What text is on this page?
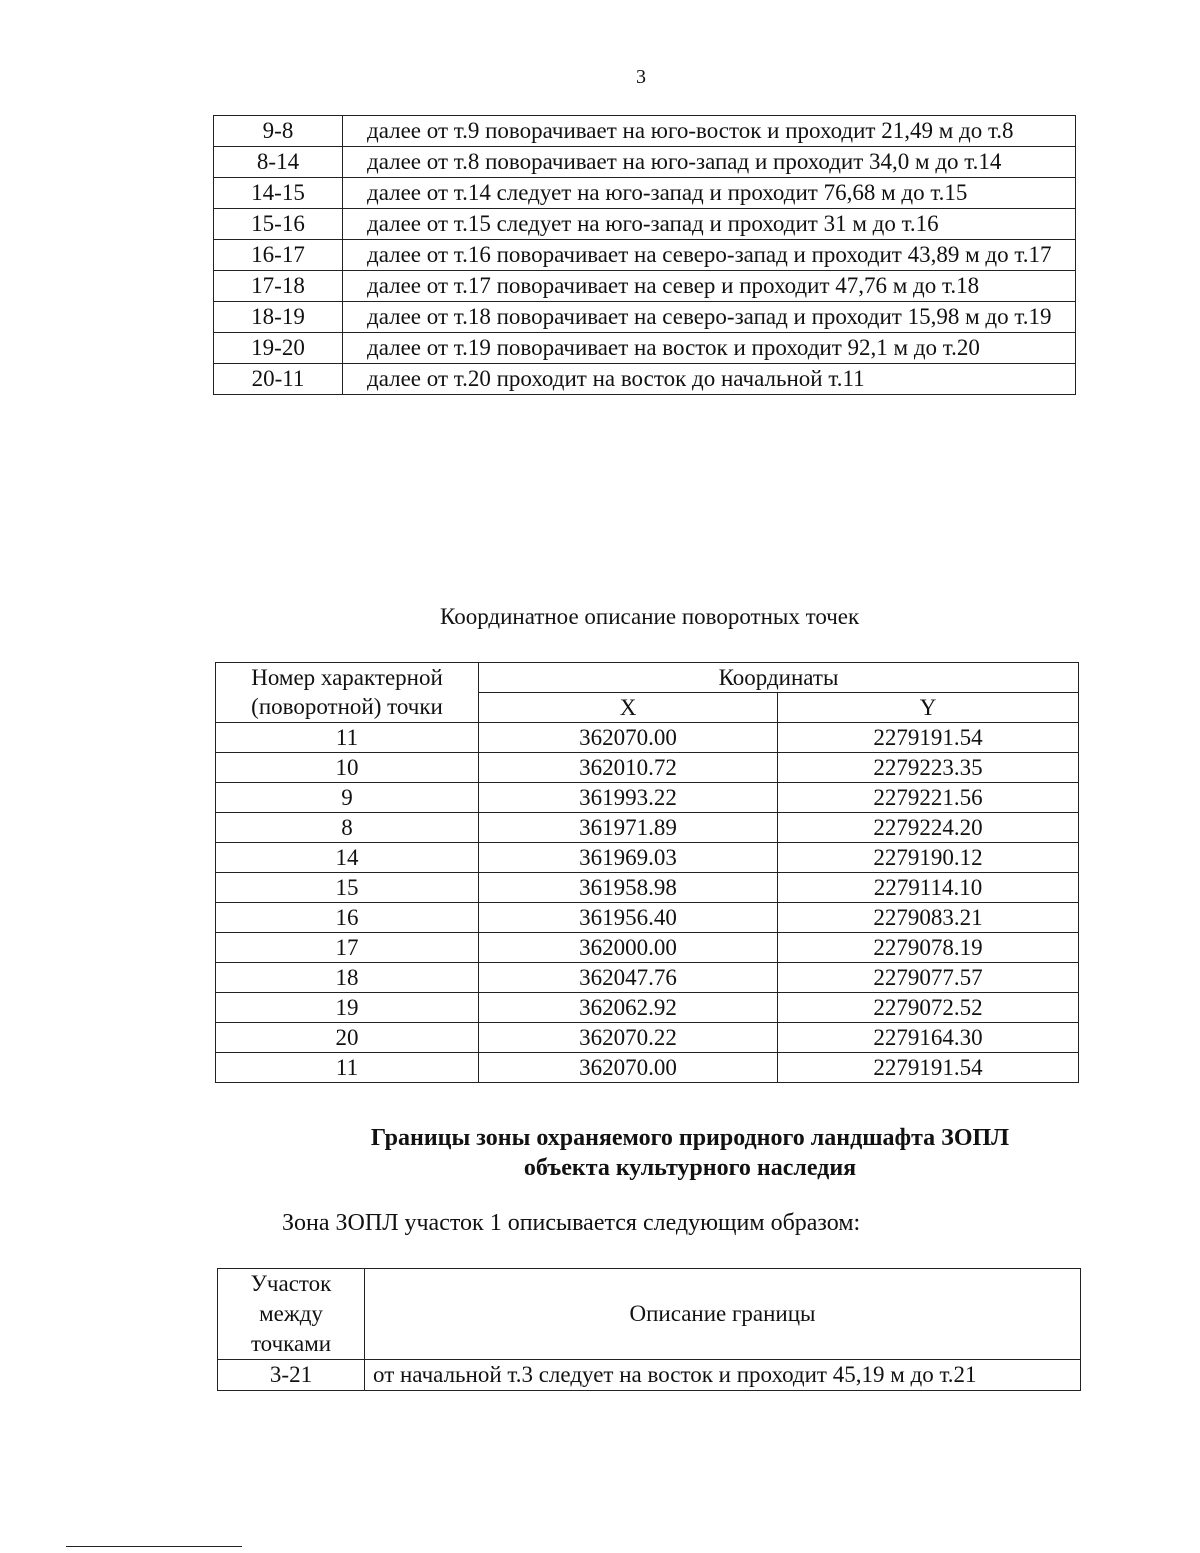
3
9-8	далее от т.9 поворачивает на юго-восток и проходит 21,49 м до т.8
8-14	далее от т.8 поворачивает на юго-запад и проходит 34,0 м до т.14
14-15	далее от т.14 следует на юго-запад и проходит 76,68 м до т.15
15-16	далее от т.15 следует на юго-запад и проходит 31 м до т.16
16-17	далее от т.16 поворачивает на северо-запад и проходит 43,89 м до т.17
17-18	далее от т.17 поворачивает на север и проходит 47,76 м до т.18
18-19	далее от т.18 поворачивает на северо-запад и проходит 15,98 м до т.19
19-20	далее от т.19 поворачивает на восток и проходит 92,1 м до т.20
20-11	далее от т.20 проходит на восток до начальной т.11
Координатное описание поворотных точек
Номер характерной (поворотной) точки	Координаты	
	X	Y
11	362070.00	2279191.54
10	362010.72	2279223.35
9	361993.22	2279221.56
8	361971.89	2279224.20
14	361969.03	2279190.12
15	361958.98	2279114.10
16	361956.40	2279083.21
17	362000.00	2279078.19
18	362047.76	2279077.57
19	362062.92	2279072.52
20	362070.22	2279164.30
11	362070.00	2279191.54
Границы зоны охраняемого природного ландшафта ЗОПЛ
объекта культурного наследия
Зона ЗОПЛ участок 1 описывается следующим образом:
Участок между точками	Описание границы
3-21	от начальной т.3 следует на восток и проходит 45,19 м до т.21
